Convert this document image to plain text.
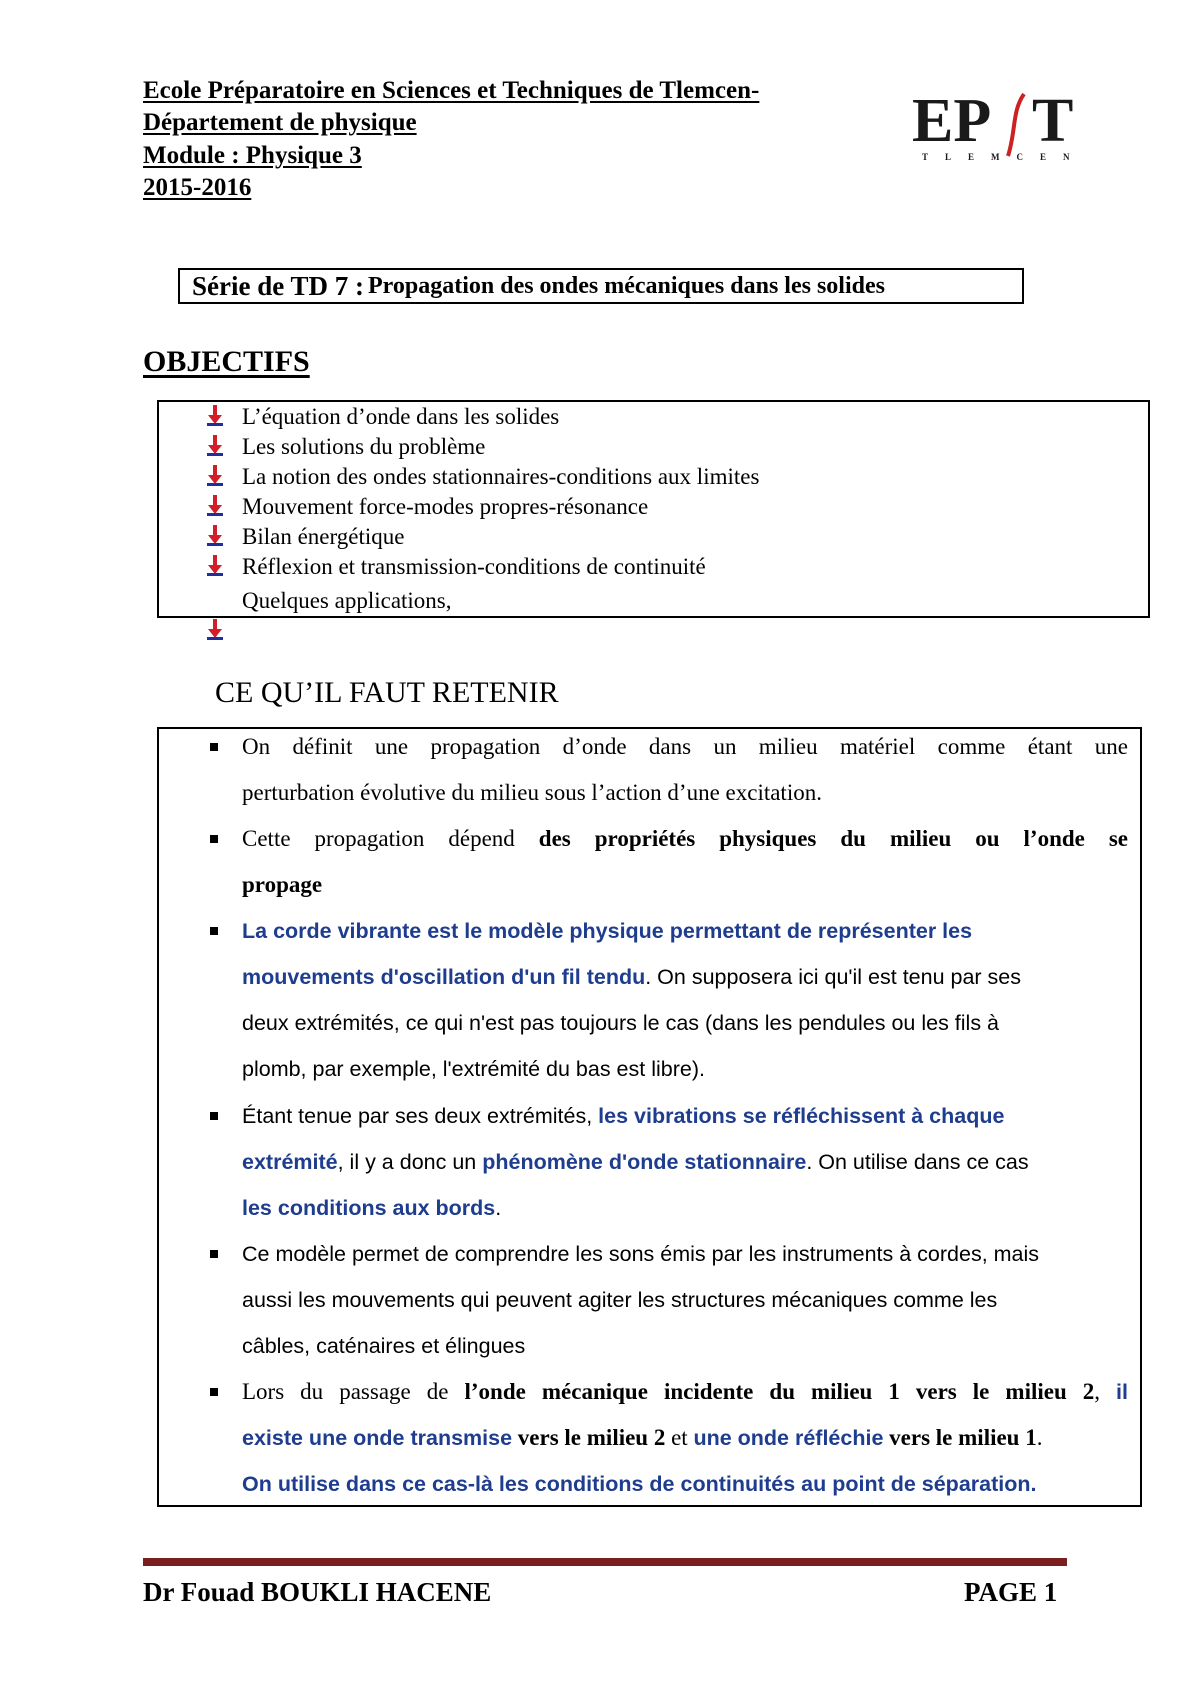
Ecole Préparatoire en Sciences et Techniques de Tlemcen-
Département de physique
Module : Physique 3
2015-2016
EP T
TLEMCEN
Série de TD 7 :
Propagation des ondes mécaniques dans les solides
OBJECTIFS
L’équation d’onde dans les solides
Les solutions du problème
La notion des ondes stationnaires-conditions aux limites
Mouvement force-modes propres-résonance
Bilan énergétique
Réflexion et transmission-conditions de continuité
Quelques applications,
CE QU’IL FAUT RETENIR
On définit une propagation d’onde dans un milieu matériel comme étant une
perturbation évolutive du milieu sous l’action d’une excitation.
Cette propagation dépend des propriétés physiques du milieu ou l’onde se
propage
La corde vibrante est le modèle physique permettant de représenter les
mouvements d'oscillation d'un fil tendu. On supposera ici qu'il est tenu par ses
deux extrémités, ce qui n'est pas toujours le cas (dans les pendules ou les fils à
plomb, par exemple, l'extrémité du bas est libre).
Étant tenue par ses deux extrémités, les vibrations se réfléchissent à chaque
extrémité, il y a donc un phénomène d'onde stationnaire. On utilise dans ce cas
les conditions aux bords.
Ce modèle permet de comprendre les sons émis par les instruments à cordes, mais
aussi les mouvements qui peuvent agiter les structures mécaniques comme les
câbles, caténaires et élingues
Lors du passage de l’onde mécanique incidente du milieu 1 vers le milieu 2, il
existe une onde transmise vers le milieu 2 et une onde réfléchie vers le milieu 1.
On utilise dans ce cas-là les conditions de continuités au point de séparation.
Dr Fouad BOUKLI HACENE	PAGE 1
